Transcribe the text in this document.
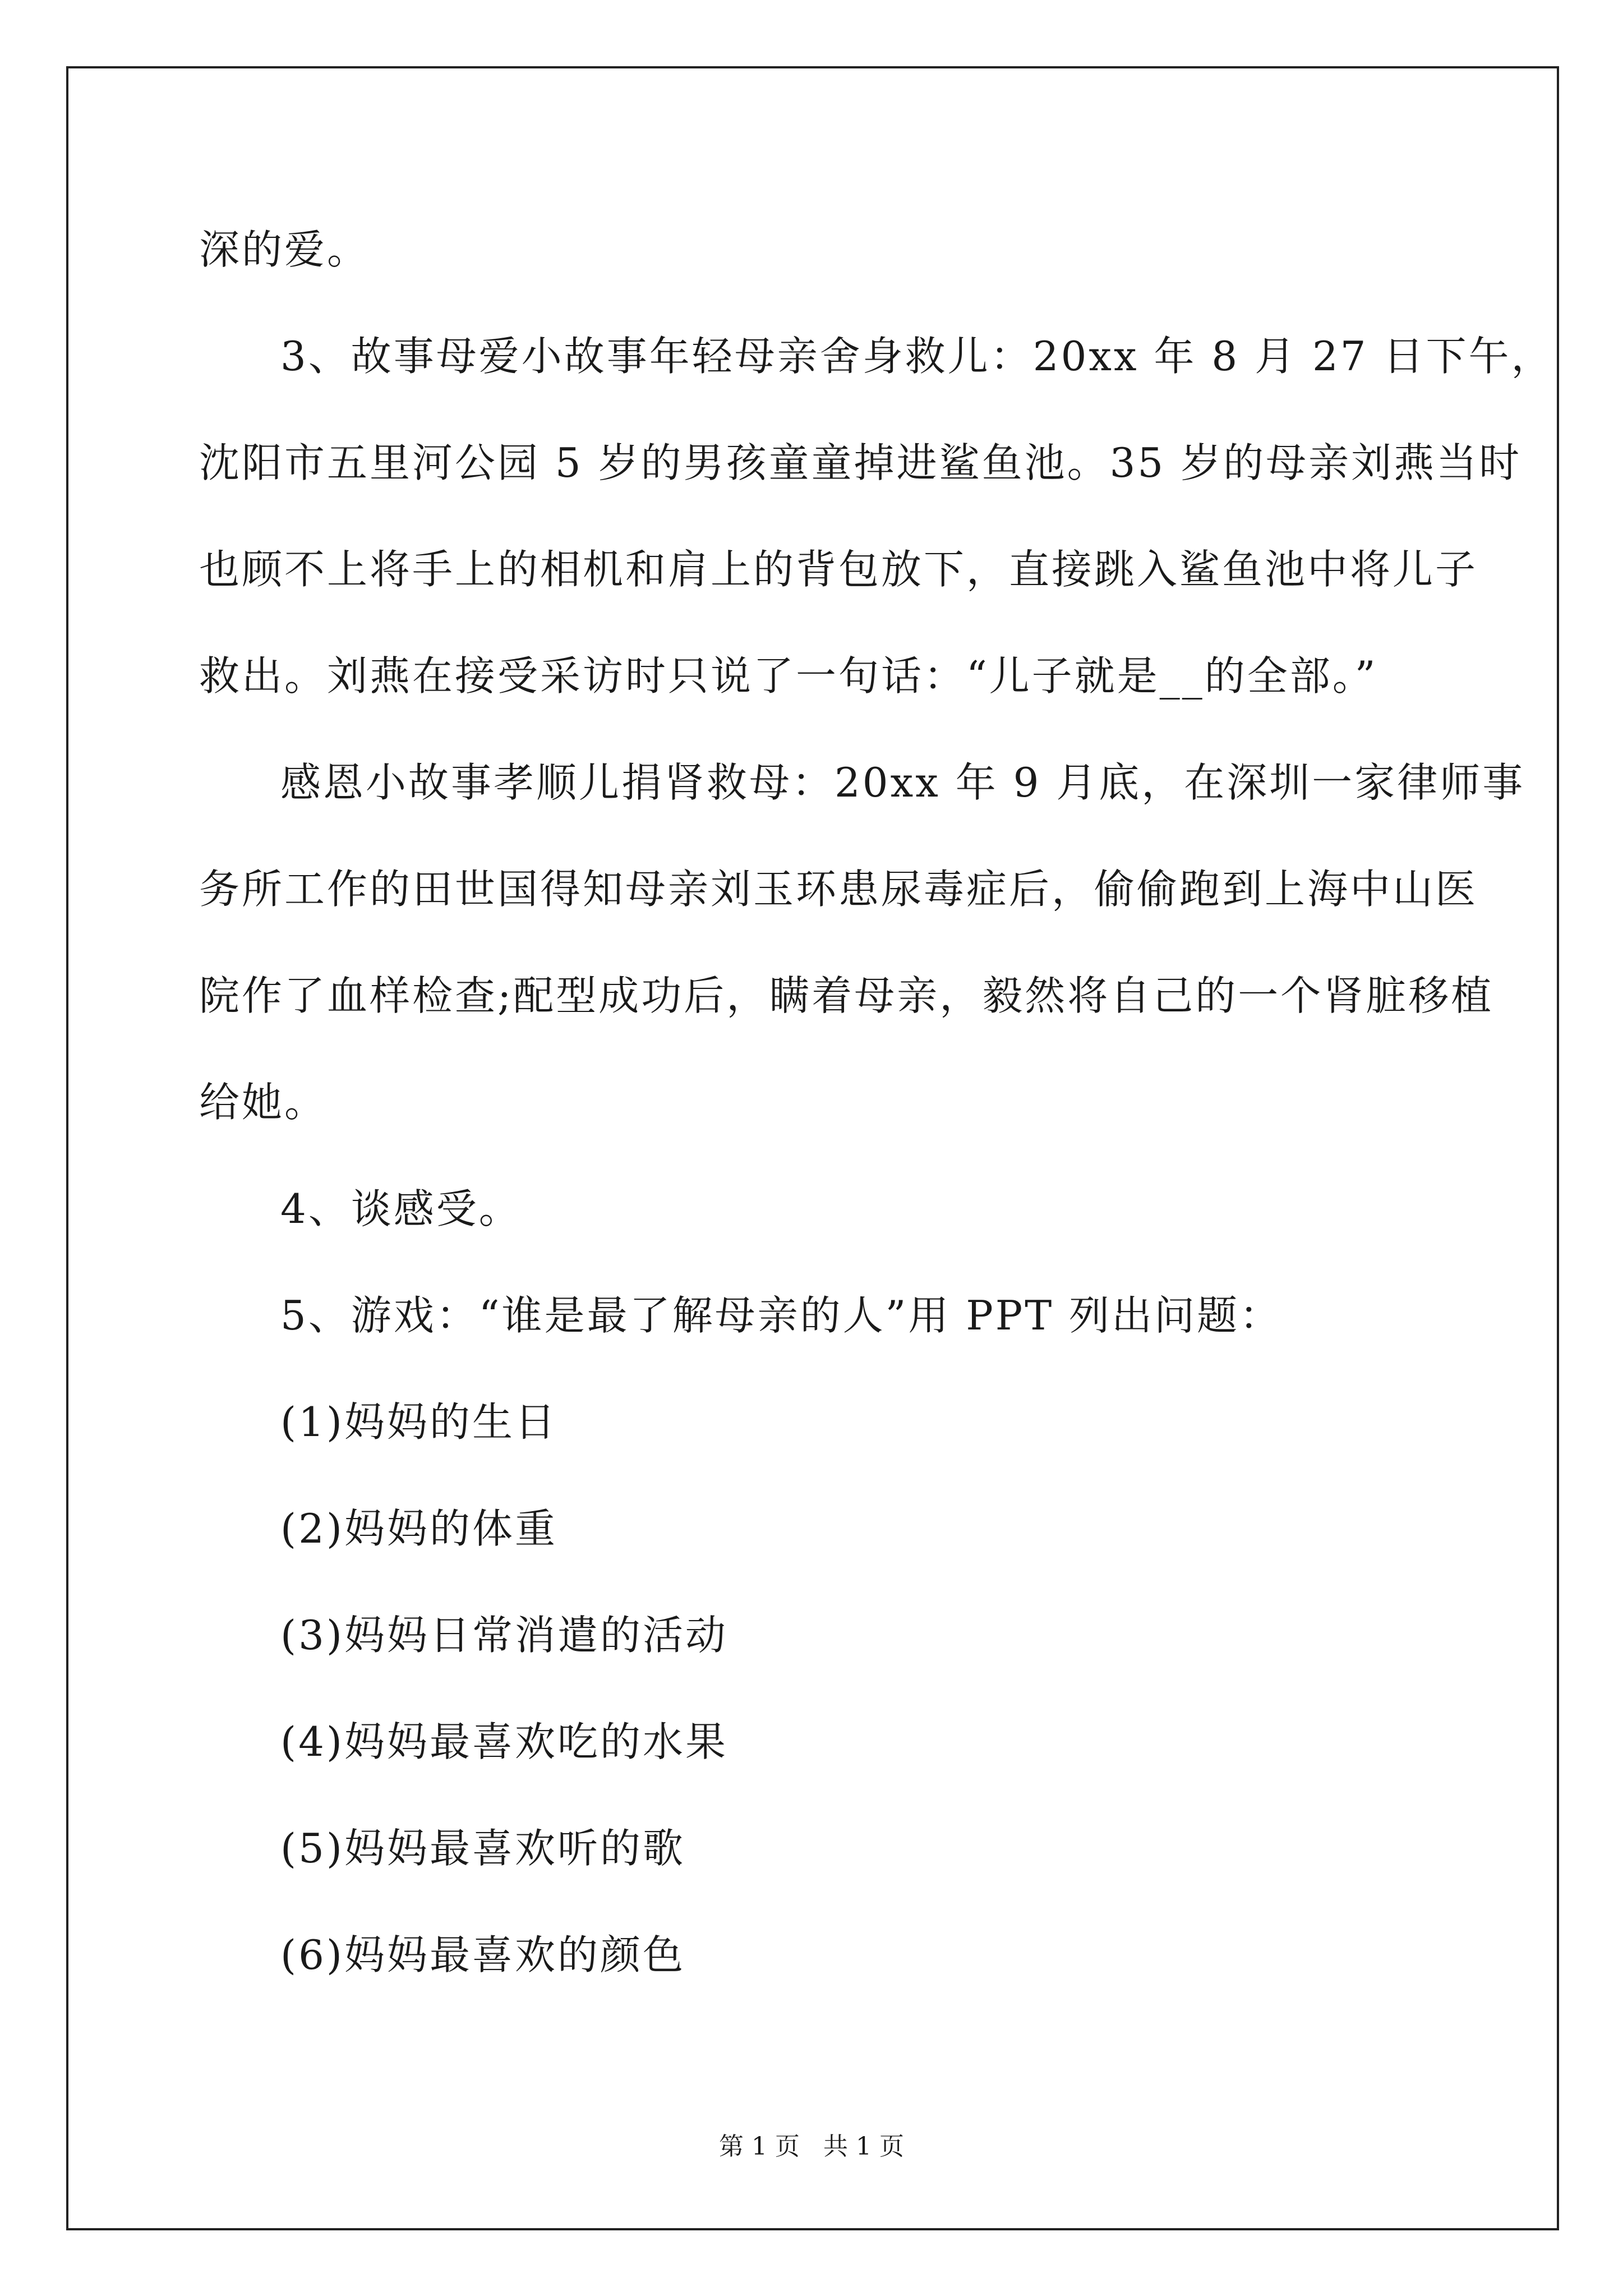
深的爱。

3、故事母爱小故事年轻母亲舍身救儿：20xx 年 8 月 27 日下午，

沈阳市五里河公园 5 岁的男孩童童掉进鲨鱼池。35 岁的母亲刘燕当时

也顾不上将手上的相机和肩上的背包放下，直接跳入鲨鱼池中将儿子

救出。刘燕在接受采访时只说了一句话：“儿子就是__的全部。”

感恩小故事孝顺儿捐肾救母：20xx 年 9 月底，在深圳一家律师事

务所工作的田世国得知母亲刘玉环患尿毒症后，偷偷跑到上海中山医

院作了血样检查;配型成功后，瞒着母亲，毅然将自己的一个肾脏移植

给她。

4、谈感受。

5、游戏：“谁是最了解母亲的人”用 PPT 列出问题：

(1)妈妈的生日

(2)妈妈的体重

(3)妈妈日常消遣的活动

(4)妈妈最喜欢吃的水果

(5)妈妈最喜欢听的歌

(6)妈妈最喜欢的颜色

第 1 页   共 1 页
